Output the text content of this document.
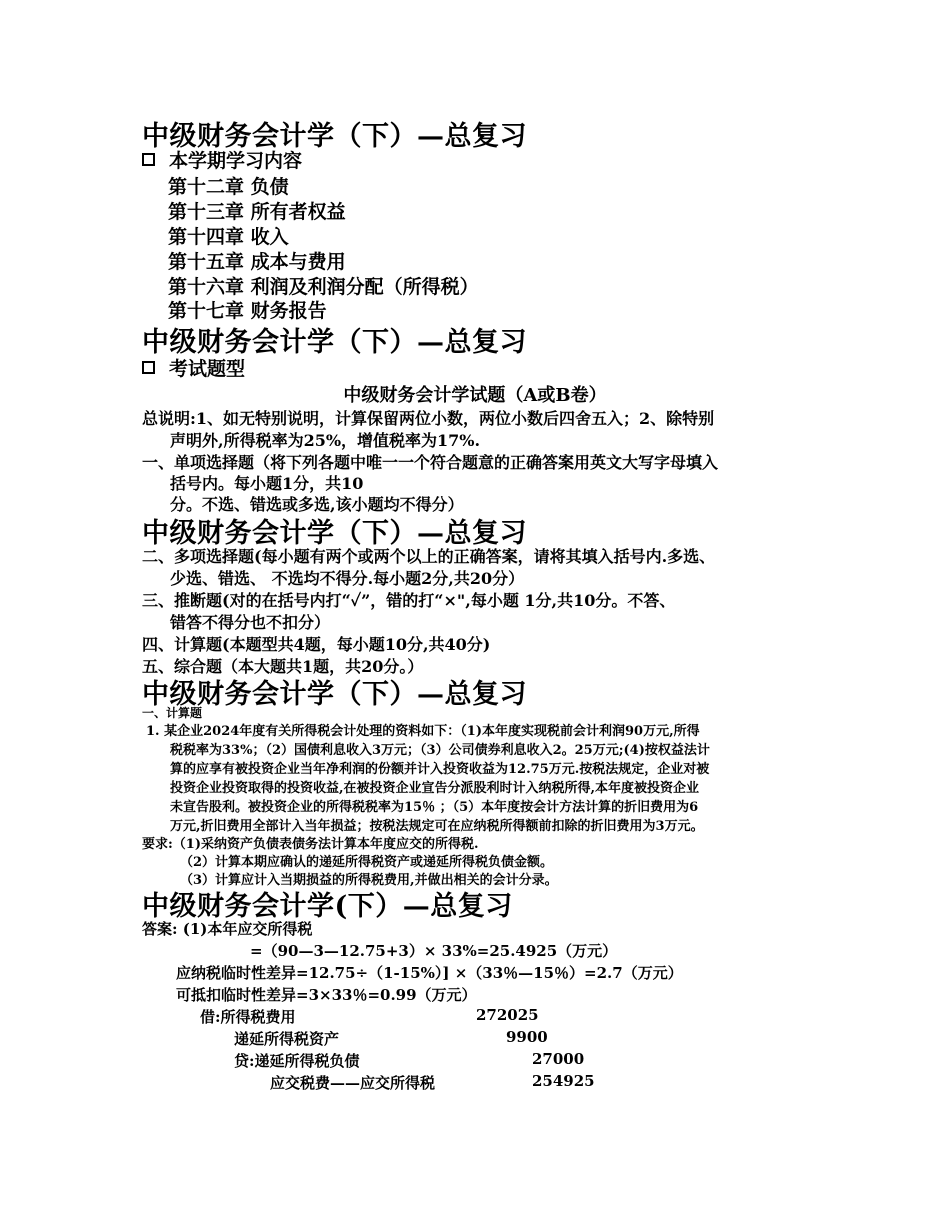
中级财务会计学（下）—总复习
本学期学习内容
第十二章 负债
第十三章 所有者权益
第十四章 收入
第十五章 成本与费用
第十六章 利润及利润分配（所得税）
第十七章 财务报告
中级财务会计学（下）—总复习
考试题型
中级财务会计学试题（A或B卷）
总说明:1、如无特别说明，计算保留两位小数，两位小数后四舍五入；2、除特别
声明外,所得税率为25%，增值税率为17%.
一、单项选择题（将下列各题中唯一一个符合题意的正确答案用英文大写字母填入
括号内。每小题1分，共10
分。不选、错选或多选,该小题均不得分）
中级财务会计学（下）—总复习
二、多项选择题(每小题有两个或两个以上的正确答案，请将其填入括号内.多选、
少选、错选、 不选均不得分.每小题2分,共20分）
三、推断题(对的在括号内打“✓”，错的打“×",每小题 1分,共10分。不答、
错答不得分也不扣分）
四、计算题(本题型共4题，每小题10分,共40分)
五、综合题（本大题共1题，共20分。）
中级财务会计学（下）—总复习
一、计算题
1. 某企业2024年度有关所得税会计处理的资料如下：（1)本年度实现税前会计利润90万元,所得
税税率为33%；（2）国债利息收入3万元；（3）公司债券利息收入2。25万元;(4)按权益法计
算的应享有被投资企业当年净利润的份额并计入投资收益为12.75万元.按税法规定，企业对被
投资企业投资取得的投资收益,在被投资企业宣告分派股利时计入纳税所得,本年度被投资企业
未宣告股利。被投资企业的所得税税率为15％ ；（5）本年度按会计方法计算的折旧费用为6
万元,折旧费用全部计入当年损益；按税法规定可在应纳税所得额前扣除的折旧费用为3万元。
要求:（1)采纳资产负债表债务法计算本年度应交的所得税.
（2）计算本期应确认的递延所得税资产或递延所得税负债金额。
（3）计算应计入当期损益的所得税费用,并做出相关的会计分录。
中级财务会计学(下）—总复习
答案: (1)本年应交所得税
=（90—3—12.75+3）× 33%=25.4925（万元）
应纳税临时性差异=12.75÷（1-15%）] ×（33％—15％）=2.7（万元）
可抵扣临时性差异=3×33％=0.99（万元）
借:所得税费用	272025
递延所得税资产	9900
贷:递延所得税负债	27000
应交税费——应交所得税	254925
